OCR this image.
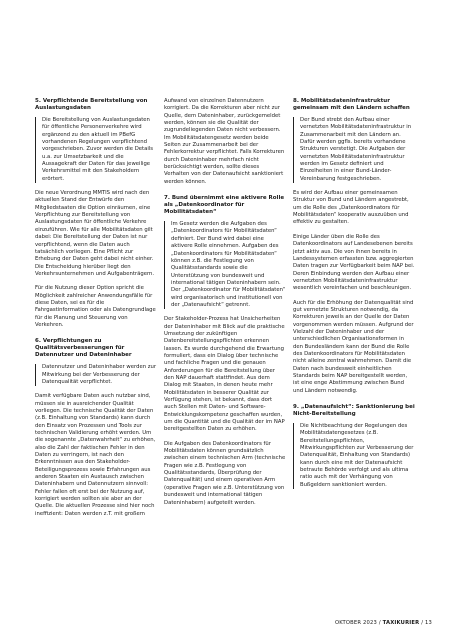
5. Verpflichtende Bereitstellung von Auslastungsdaten

Die Bereitstellung von Auslastungsdaten für öffentliche Personenverkehre wird ergänzend zu den aktuell im PBefG vorhandenen Regelungen verpflichtend vorgeschrieben. Zuvor werden die Details u.a. zur Umsetzbarkeit und die Aussagekraft der Daten für das jeweilige Verkehrsmittel mit den Stakeholdern erörtert.

Die neue Verordnung MMTIS wird nach den aktuellen Stand der Entwürfe den Mitgliedstaaten die Option einräumen, eine Verpflichtung zur Bereitstellung von Auslastungsdaten für öffentliche Verkehre einzuführen. Wie für alle Mobilitätsdaten gilt dabei: Die Bereitstellung der Daten ist nur verpflichtend, wenn die Daten auch tatsächlich vorliegen. Eine Pflicht zur Erhebung der Daten geht dabei nicht einher. Die Entscheidung hierüber liegt den Verkehrsunternehmen und Aufgabenträgern.

Für die Nutzung dieser Option spricht die Möglichkeit zahlreicher Anwendungsfälle für diese Daten, sei es für die Fahrgastinformation oder als Datengrundlage für die Planung und Steuerung von Verkehren.

6. Verpflichtungen zu Qualitätsverbesserungen für Datennutzer und Dateninhaber

Datennutzer und Dateninhaber werden zur Mitwirkung bei der Verbesserung der Datenqualität verpflichtet.

Damit verfügbare Daten auch nutzbar sind, müssen sie in ausreichender Qualität vorliegen. Die technische Qualität der Daten (z.B. Einhaltung von Standards) kann durch den Einsatz von Prozessen und Tools zur technischen Validierung erhöht werden. Um die sogenannte „Datenwahrheit“ zu erhöhen, also die Zahl der faktischen Fehler in den Daten zu verringern, ist nach den Erkenntnissen aus den Stakeholder-Beteiligungsprozess sowie Erfahrungen aus anderen Staaten ein Austausch zwischen Dateninhabern und Datennutzern sinnvoll: Fehler fallen oft erst bei der Nutzung auf, korrigiert werden sollten sie aber an der Quelle. Die aktuellen Prozesse sind hier noch ineffizient: Daten werden z.T. mit großem

Aufwand von einzelnen Datennutzern korrigiert. Da die Korrekturen aber nicht zur Quelle, dem Dateninhaber, zurückgemeldet werden, können sie die Qualität der zugrundeliegenden Daten nicht verbessern. Im Mobilitätsdatengesetz werden beide Seiten zur Zusammenarbeit bei der Fehlerkorrektur verpflichtet. Falls Korrekturen durch Dateninhaber mehrfach nicht berücksichtigt werden, sollte dieses Verhalten von der Datenaufsicht sanktioniert werden können.

7. Bund übernimmt eine aktivere Rolle als „Datenkoordinator für Mobilitätsdaten“

Im Gesetz werden die Aufgaben des „Datenkoordinators für Mobilitätsdaten“ definiert. Der Bund wird dabei eine aktivere Rolle einnehmen. Aufgaben des „Datenkoordinators für Mobilitätsdaten“ können z.B. die Festlegung von Qualitätsstandards sowie die Unterstützung von bundesweit und international tätigen Dateninhabern sein. Der „Datenkoordinator für Mobilitätsdaten“ wird organisatorisch und institutionell von der „Datenaufsicht“ getrennt.

Der Stakeholder-Prozess hat Unsicherheiten der Dateninhaber mit Blick auf die praktische Umsetzung der zukünftigen Datenbereitstellungspflichten erkennen lassen. Es wurde durchgehend die Erwartung formuliert, dass ein Dialog über technische und fachliche Fragen und die genauen Anforderungen für die Bereitstellung über den NAP dauerhaft stattfindet. Aus dem Dialog mit Staaten, in denen heute mehr Mobilitätsdaten in besserer Qualität zur Verfügung stehen, ist bekannt, dass dort auch Stellen mit Daten- und Software-Entwicklungskompetenz geschaffen wurden, um die Quantität und die Qualität der im NAP bereitgestellten Daten zu erhöhen.

Die Aufgaben des Datenkoordinators für Mobilitätsdaten können grundsätzlich zwischen einem technischen Arm (technische Fragen wie z.B. Festlegung von Qualitätsstandards, Überprüfung der Datenqualität) und einem operativen Arm (operative Fragen wie z.B. Unterstützung von bundesweit und international tätigen Dateninhabern) aufgeteilt werden.

8. Mobilitätsdateninfrastruktur gemeinsam mit den Ländern schaffen

Der Bund strebt den Aufbau einer vernetzten Mobilitätsdateninfrastruktur in Zusammenarbeit mit den Ländern an. Dafür werden ggfls. bereits vorhandene Strukturen verstetigt. Die Aufgaben der vernetzten Mobilitätsdateninfrastruktur werden im Gesetz definiert und Einzelheiten in einer Bund-Länder-Vereinbarung festgeschrieben.

Es wird der Aufbau einer gemeinsamen Struktur von Bund und Ländern angestrebt, um die Rolle des „Datenkoordinators für Mobilitätsdaten“ kooperativ auszuüben und effektiv zu gestalten.

Einige Länder üben die Rolle des Datenkoordinators auf Landesebenen bereits jetzt aktiv aus. Die von ihnen bereits in Landessystemen erfassten bzw. aggregierten Daten tragen zur Verfügbarkeit beim NAP bei. Deren Einbindung werden den Aufbau einer vernetzten Mobilitätsdateninfrastruktur wesentlich vereinfachen und beschleunigen.

Auch für die Erhöhung der Datenqualität sind gut vernetzte Strukturen notwendig, da Korrekturen jeweils an der Quelle der Daten vorgenommen werden müssen. Aufgrund der Vielzahl der Dateninhaber und der unterschiedlichen Organisationsformen in den Bundesländern kann der Bund die Rolle des Datenkoordinators für Mobilitätsdaten nicht alleine zentral wahrnehmen. Damit die Daten nach bundesweit einheitlichen Standards beim NAP bereitgestellt werden, ist eine enge Abstimmung zwischen Bund und Ländern notwendig.

9. „Datenaufsicht“: Sanktionierung bei Nicht-Bereitstellung

Die Nichtbeachtung der Regelungen des Mobilitätsdatengesetzes (z.B. Bereitstellungspflichten, Mitwirkungspflichten zur Verbesserung der Datenqualität, Einhaltung von Standards) kann durch eine mit der Datenaufsicht betraute Behörde verfolgt und als ultima ratio auch mit der Verhängung von Bußgeldern sanktioniert werden.

OKTOBER 2023 / TAXIKURIER / 13
